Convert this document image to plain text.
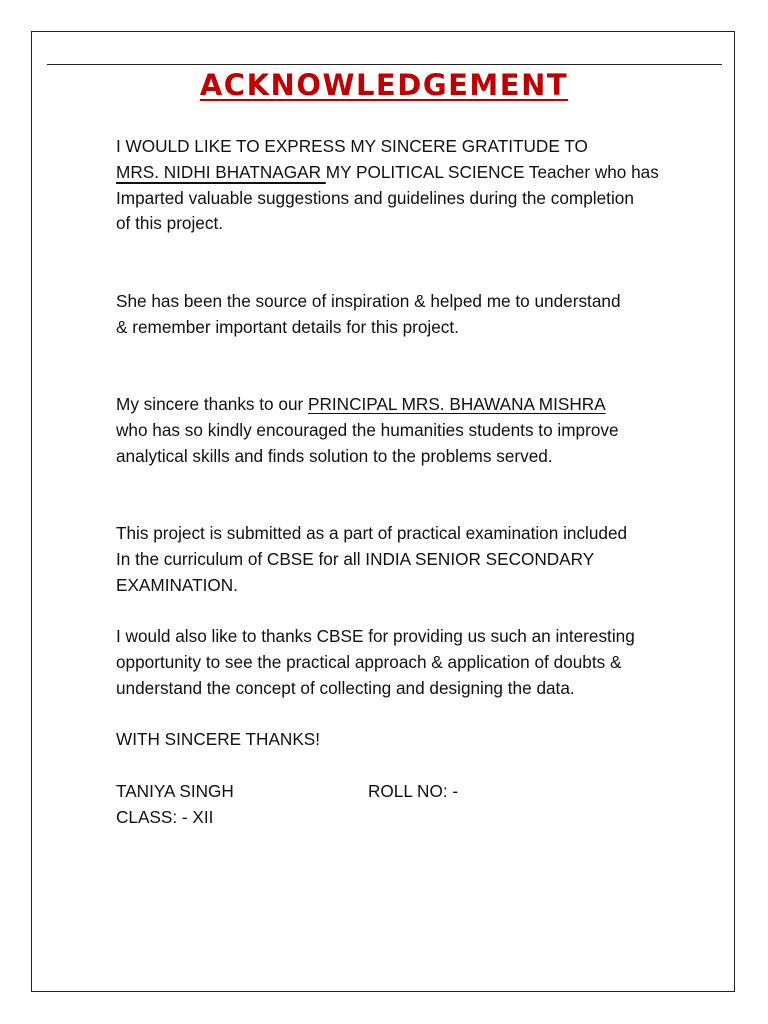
ACKNOWLEDGEMENT

I WOULD LIKE TO EXPRESS MY SINCERE GRATITUDE TO

MRS. NIDHI BHATNAGAR MY POLITICAL SCIENCE Teacher who has

Imparted valuable suggestions and guidelines during the completion

of this project.

She has been the source of inspiration & helped me to understand

& remember important details for this project.

My sincere thanks to our PRINCIPAL MRS. BHAWANA MISHRA

who has so kindly encouraged the humanities students to improve

analytical skills and finds solution to the problems served.

This project is submitted as a part of practical examination included

In the curriculum of CBSE for all INDIA SENIOR SECONDARY

EXAMINATION.

I would also like to thanks CBSE for providing us such an interesting

opportunity to see the practical approach & application of doubts &

understand the concept of collecting and designing the data.

WITH SINCERE THANKS!

TANIYA SINGH	ROLL NO: -

CLASS: - XII
